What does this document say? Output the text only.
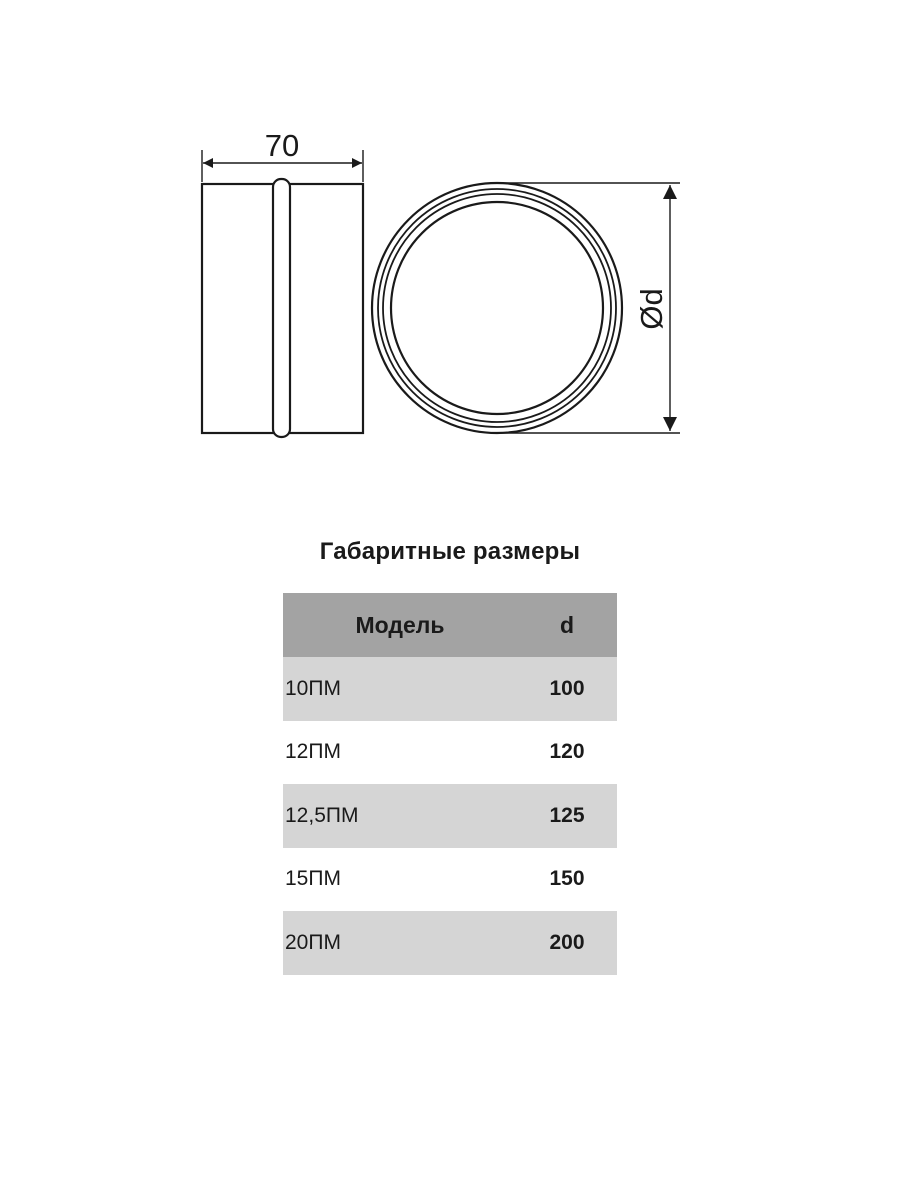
70
Ød
Габаритные размеры
Модель	d
10ПМ	100
12ПМ	120
12,5ПМ	125
15ПМ	150
20ПМ	200
